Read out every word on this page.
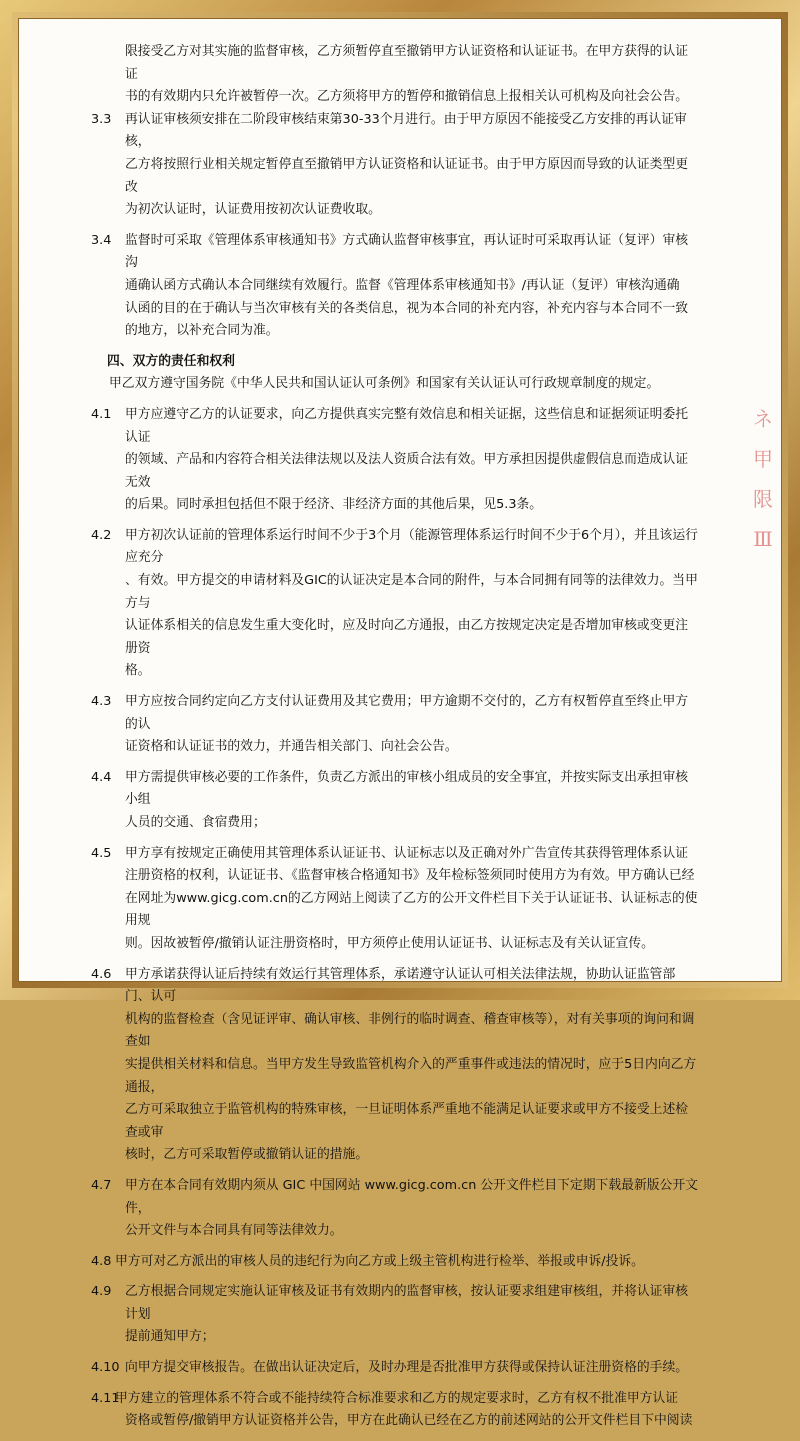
限接受乙方对其实施的监督审核，乙方须暂停直至撤销甲方认证资格和认证证书。在甲方获得的认证证

书的有效期内只允许被暂停一次。乙方须将甲方的暂停和撤销信息上报相关认可机构及向社会公告。

3.3	再认证审核须安排在二阶段审核结束第30-33个月进行。由于甲方原因不能接受乙方安排的再认证审核，

乙方将按照行业相关规定暂停直至撤销甲方认证资格和认证证书。由于甲方原因而导致的认证类型更改

为初次认证时，认证费用按初次认证费收取。

3.4	监督时可采取《管理体系审核通知书》方式确认监督审核事宜，再认证时可采取再认证（复评）审核沟

通确认函方式确认本合同继续有效履行。监督《管理体系审核通知书》/再认证（复评）审核沟通确

认函的目的在于确认与当次审核有关的各类信息，视为本合同的补充内容，补充内容与本合同不一致

的地方，以补充合同为准。

四、双方的责任和权利

甲乙双方遵守国务院《中华人民共和国认证认可条例》和国家有关认证认可行政规章制度的规定。

4.1	甲方应遵守乙方的认证要求，向乙方提供真实完整有效信息和相关证据，这些信息和证据须证明委托认证

的领域、产品和内容符合相关法律法规以及法人资质合法有效。甲方承担因提供虚假信息而造成认证无效

的后果。同时承担包括但不限于经济、非经济方面的其他后果，见5.3条。

4.2	甲方初次认证前的管理体系运行时间不少于3个月（能源管理体系运行时间不少于6个月），并且该运行应充分

、有效。甲方提交的申请材料及GIC的认证决定是本合同的附件，与本合同拥有同等的法律效力。当甲方与

认证体系相关的信息发生重大变化时，应及时向乙方通报，由乙方按规定决定是否增加审核或变更注册资

格。

4.3	甲方应按合同约定向乙方支付认证费用及其它费用；甲方逾期不交付的，乙方有权暂停直至终止甲方的认

证资格和认证证书的效力，并通告相关部门、向社会公告。

4.4	甲方需提供审核必要的工作条件，负责乙方派出的审核小组成员的安全事宜，并按实际支出承担审核小组

人员的交通、食宿费用；

4.5	甲方享有按规定正确使用其管理体系认证证书、认证标志以及正确对外广告宣传其获得管理体系认证

注册资格的权利，认证证书、《监督审核合格通知书》及年检标签须同时使用方为有效。甲方确认已经

在网址为www.gicg.com.cn的乙方网站上阅读了乙方的公开文件栏目下关于认证证书、认证标志的使用规

则。因故被暂停/撤销认证注册资格时，甲方须停止使用认证证书、认证标志及有关认证宣传。

4.6	甲方承诺获得认证后持续有效运行其管理体系，承诺遵守认证认可相关法律法规，协助认证监管部门、认可

机构的监督检查（含见证评审、确认审核、非例行的临时调查、稽查审核等），对有关事项的询问和调查如

实提供相关材料和信息。当甲方发生导致监管机构介入的严重事件或违法的情况时，应于5日内向乙方通报，

乙方可采取独立于监管机构的特殊审核，一旦证明体系严重地不能满足认证要求或甲方不接受上述检查或审

核时，乙方可采取暂停或撤销认证的措施。

4.7	甲方在本合同有效期内须从 GIC 中国网站 www.gicg.com.cn 公开文件栏目下定期下载最新版公开文件，

公开文件与本合同具有同等法律效力。

4.8 甲方可对乙方派出的审核人员的违纪行为向乙方或上级主管机构进行检举、举报或申诉/投诉。

4.9	乙方根据合同规定实施认证审核及证书有效期内的监督审核，按认证要求组建审核组，并将认证审核计划

提前通知甲方；

4.10 向甲方提交审核报告。在做出认证决定后，及时办理是否批准甲方获得或保持认证注册资格的手续。

4.11
甲方建立的管理体系不符合或不能持续符合标准要求和乙方的规定要求时，乙方有权不批准甲方认证

资格或暂停/撤销甲方认证资格并公告，甲方在此确认已经在乙方的前述网站的公开文件栏目下中阅读

ネ甲限Ⅲ
